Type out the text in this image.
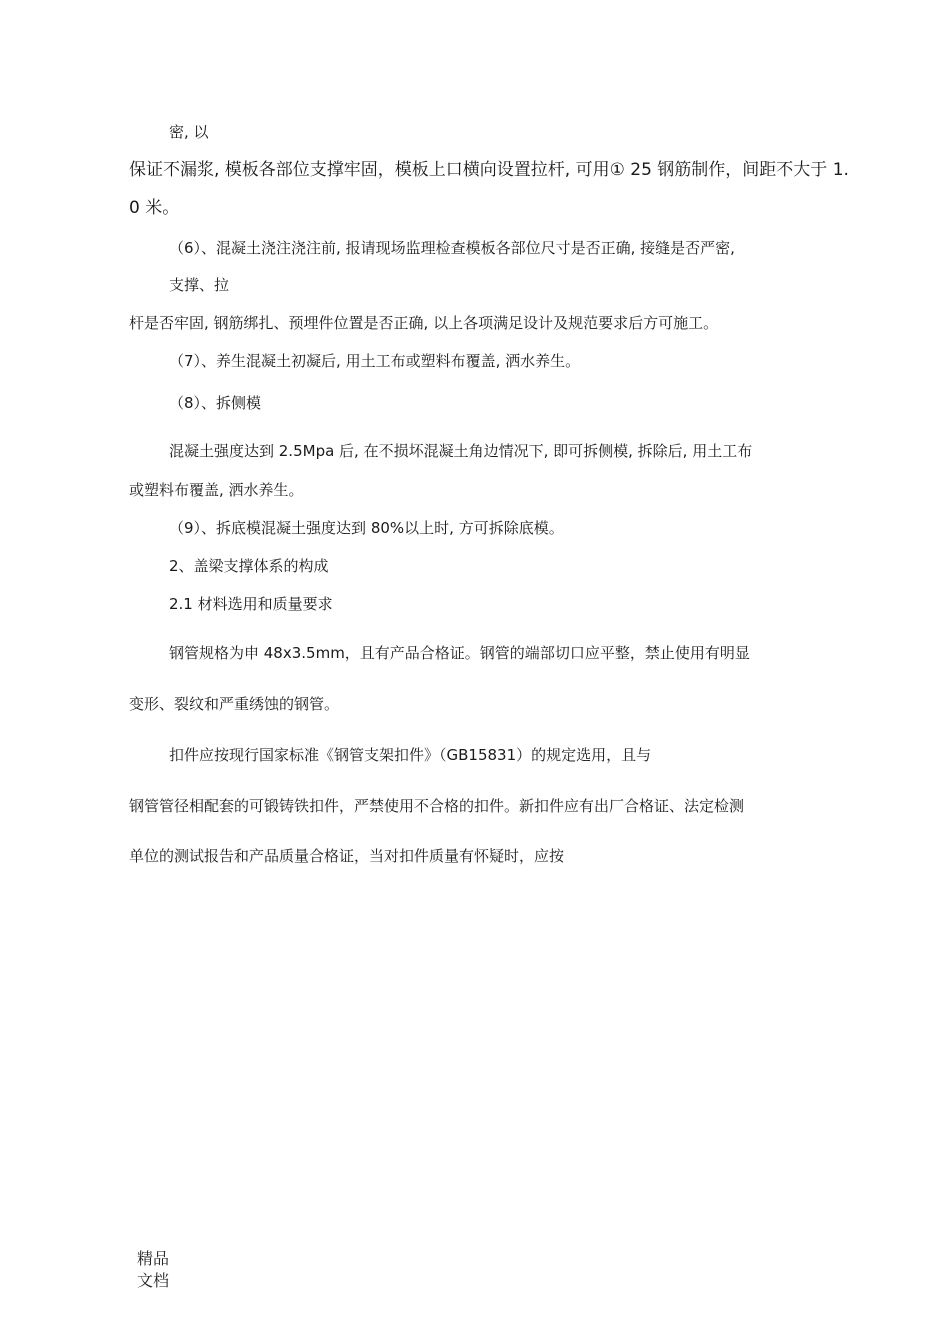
密, 以
保证不漏浆, 模板各部位支撑牢固，模板上口横向设置拉杆, 可用① 25 钢筋制作，间距不大于 1.
0 米。
（6）、混凝土浇注浇注前, 报请现场监理检查模板各部位尺寸是否正确, 接缝是否严密,
支撑、拉
杆是否牢固, 钢筋绑扎、预埋件位置是否正确, 以上各项满足设计及规范要求后方可施工。
（7）、养生混凝土初凝后, 用土工布或塑料布覆盖, 洒水养生。
（8）、拆侧模
混凝土强度达到 2.5Mpa 后, 在不损坏混凝土角边情况下, 即可拆侧模, 拆除后, 用土工布
或塑料布覆盖, 洒水养生。
（9）、拆底模混凝土强度达到 80%以上时, 方可拆除底模。
2、盖梁支撑体系的构成
2.1 材料选用和质量要求
钢管规格为申 48x3.5mm，且有产品合格证。钢管的端部切口应平整，禁止使用有明显
变形、裂纹和严重绣蚀的钢管。
扣件应按现行国家标准《钢管支架扣件》（GB15831）的规定选用，且与
钢管管径相配套的可锻铸铁扣件，严禁使用不合格的扣件。新扣件应有出厂合格证、法定检测
单位的测试报告和产品质量合格证，当对扣件质量有怀疑时，应按
精品
文档
